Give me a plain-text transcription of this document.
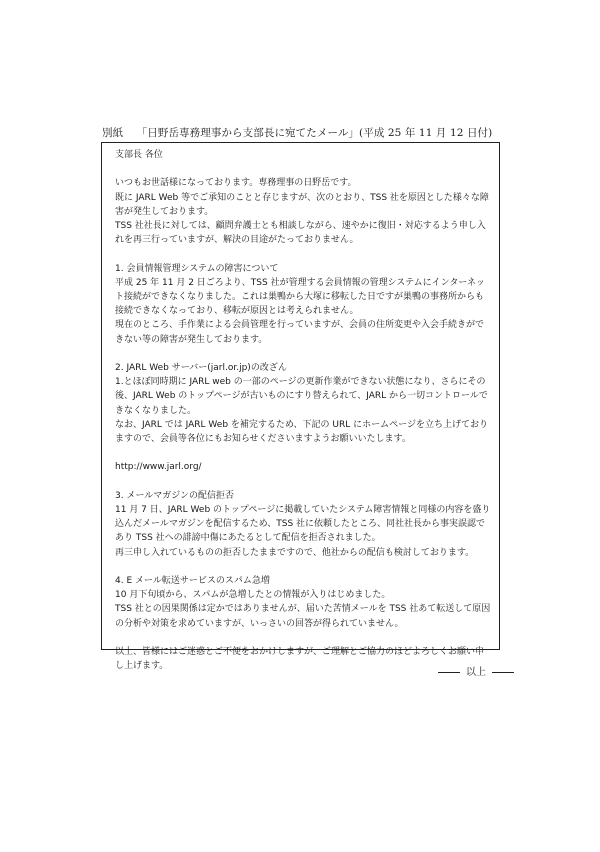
別紙 「日野岳専務理事から支部長に宛てたメール」(平成 25 年 11 月 12 日付)

支部長 各位

いつもお世話様になっております。専務理事の日野岳です。

既に JARL Web 等でご承知のことと存じますが、次のとおり、TSS 社を原因とした様々な障害が発生しております。

TSS 社社長に対しては、顧問弁護士とも相談しながら、速やかに復旧・対応するよう申し入れを再三行っていますが、解決の目途がたっておりません。

1. 会員情報管理システムの障害について

平成 25 年 11 月 2 日ごろより、TSS 社が管理する会員情報の管理システムにインターネット接続ができなくなりました。これは巣鴨から大塚に移転した日ですが巣鴨の事務所からも接続できなくなっており、移転が原因とは考えられません。

現在のところ、手作業による会員管理を行っていますが、会員の住所変更や入会手続きができない等の障害が発生しております。

2. JARL Web サーバー(jarl.or.jp)の改ざん

1.とほぼ同時期に JARL web の一部のページの更新作業ができない状態になり、さらにその後、JARL Web のトップページが古いものにすり替えられて、JARL から一切コントロールできなくなりました。

なお、JARL では JARL Web を補完するため、下記の URL にホームページを立ち上げておりますので、会員等各位にもお知らせくださいますようお願いいたします。

http://www.jarl.org/

3. メールマガジンの配信拒否

11 月 7 日、JARL Web のトップページに掲載していたシステム障害情報と同様の内容を盛り込んだメールマガジンを配信するため、TSS 社に依頼したところ、同社社長から事実誤認であり TSS 社への誹謗中傷にあたるとして配信を拒否されました。

再三申し入れているものの拒否したままですので、他社からの配信も検討しております。

4. E メール転送サービスのスパム急増

10 月下旬頃から、スパムが急増したとの情報が入りはじめました。

TSS 社との因果関係は定かではありませんが、届いた苦情メールを TSS 社あて転送して原因の分析や対策を求めていますが、いっさいの回答が得られていません。

以上、皆様にはご迷惑とご不便をおかけしますが、ご理解とご協力のほどよろしくお願い申し上げます。

以上
